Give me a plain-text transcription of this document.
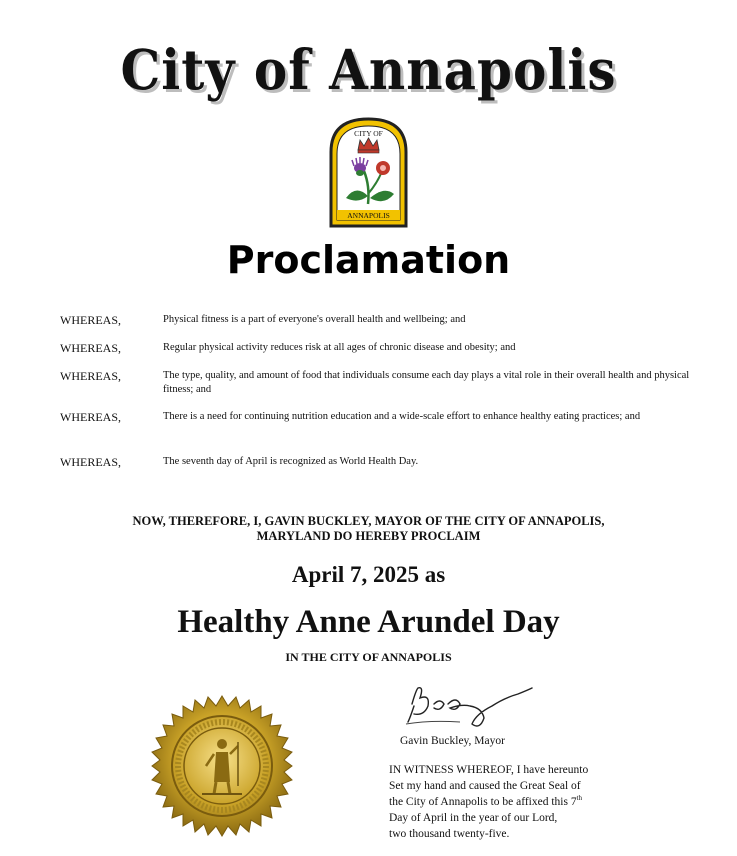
City of Annapolis
CITY OF
ANNAPOLIS
Proclamation
WHEREAS,	Physical fitness is a part of everyone's overall health and wellbeing; and
WHEREAS,	Regular physical activity reduces risk at all ages of chronic disease and obesity; and
WHEREAS,	The type, quality, and amount of food that individuals consume each day plays a vital role in their overall health and physical fitness; and
WHEREAS,	There is a need for continuing nutrition education and a wide-scale effort to enhance healthy eating practices; and
WHEREAS,	The seventh day of April is recognized as World Health Day.
NOW, THEREFORE, I, GAVIN BUCKLEY, MAYOR OF THE CITY OF ANNAPOLIS,
MARYLAND DO HEREBY PROCLAIM
April 7, 2025 as
Healthy Anne Arundel Day
IN THE CITY OF ANNAPOLIS
Gavin Buckley, Mayor
IN WITNESS WHEREOF, I have hereunto
Set my hand and caused the Great Seal of
the City of Annapolis to be affixed this 7th
Day of April in the year of our Lord,
two thousand twenty-five.
